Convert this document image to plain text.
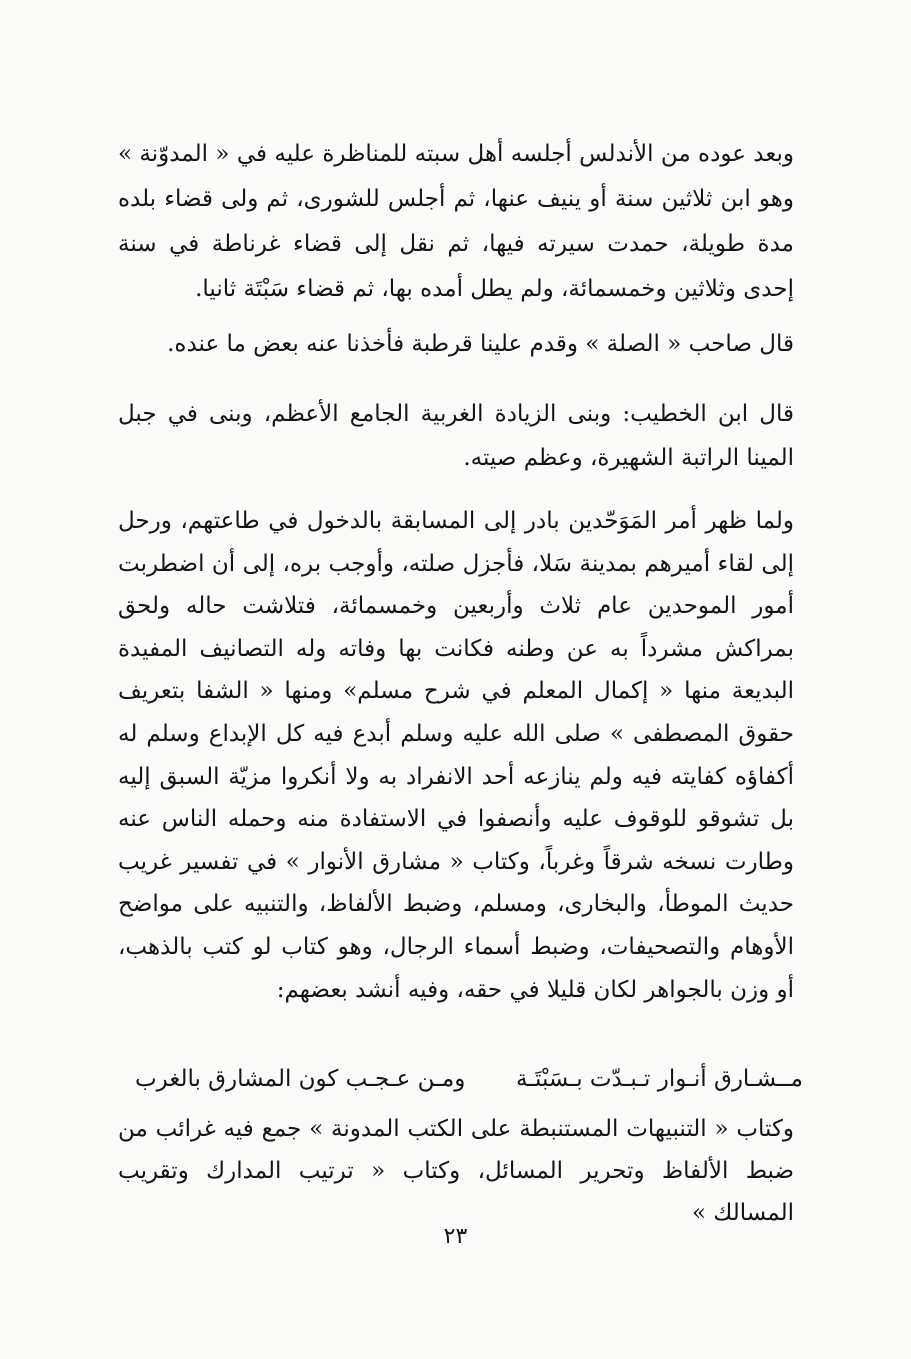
وبعد عوده من الأندلس أجلسه أهل سبته للمناظرة عليه في « المدوّنة » وهو ابن ثلاثين سنة أو ينيف عنها، ثم أجلس للشورى، ثم ولى قضاء بلده مدة طويلة، حمدت سيرته فيها، ثم نقل إلى قضاء غرناطة في سنة إحدى وثلاثين وخمسمائة، ولم يطل أمده بها، ثم قضاء سَبْتَة ثانيا.

قال صاحب « الصلة » وقدم علينا قرطبة فأخذنا عنه بعض ما عنده.

قال ابن الخطيب: وبنى الزيادة الغربية الجامع الأعظم، وبنى في جبل المينا الراتبة الشهيرة، وعظم صيته.

ولما ظهر أمر المَوَحّدين بادر إلى المسابقة بالدخول في طاعتهم، ورحل إلى لقاء أميرهم بمدينة سَلا، فأجزل صلته، وأوجب بره، إلى أن اضطربت أمور الموحدين عام ثلاث وأربعين وخمسمائة، فتلاشت حاله ولحق بمراكش مشرداً به عن وطنه فكانت بها وفاته وله التصانيف المفيدة البديعة منها « إكمال المعلم في شرح مسلم» ومنها « الشفا بتعريف حقوق المصطفى » صلى الله عليه وسلم أبدع فيه كل الإبداع وسلم له أكفاؤه كفايته فيه ولم ينازعه أحد الانفراد به ولا أنكروا مزيّة السبق إليه بل تشوقو للوقوف عليه وأنصفوا في الاستفادة منه وحمله الناس عنه وطارت نسخه شرقاً وغرباً، وكتاب « مشارق الأنوار » في تفسير غريب حديث الموطأ، والبخارى، ومسلم، وضبط الألفاظ، والتنبيه على مواضح الأوهام والتصحيفات، وضبط أسماء الرجال، وهو كتاب لو كتب بالذهب، أو وزن بالجواهر لكان قليلا في حقه، وفيه أنشد بعضهم:

مــشـارق أنـوار تـبـدّت بـسَبْتَـة
ومـن عـجـب كون المشارق بالغرب

وكتاب « التنبيهات المستنبطة على الكتب المدونة » جمع فيه غرائب من ضبط الألفاظ وتحرير المسائل، وكتاب « ترتيب المدارك وتقريب المسالك »

٢٣
